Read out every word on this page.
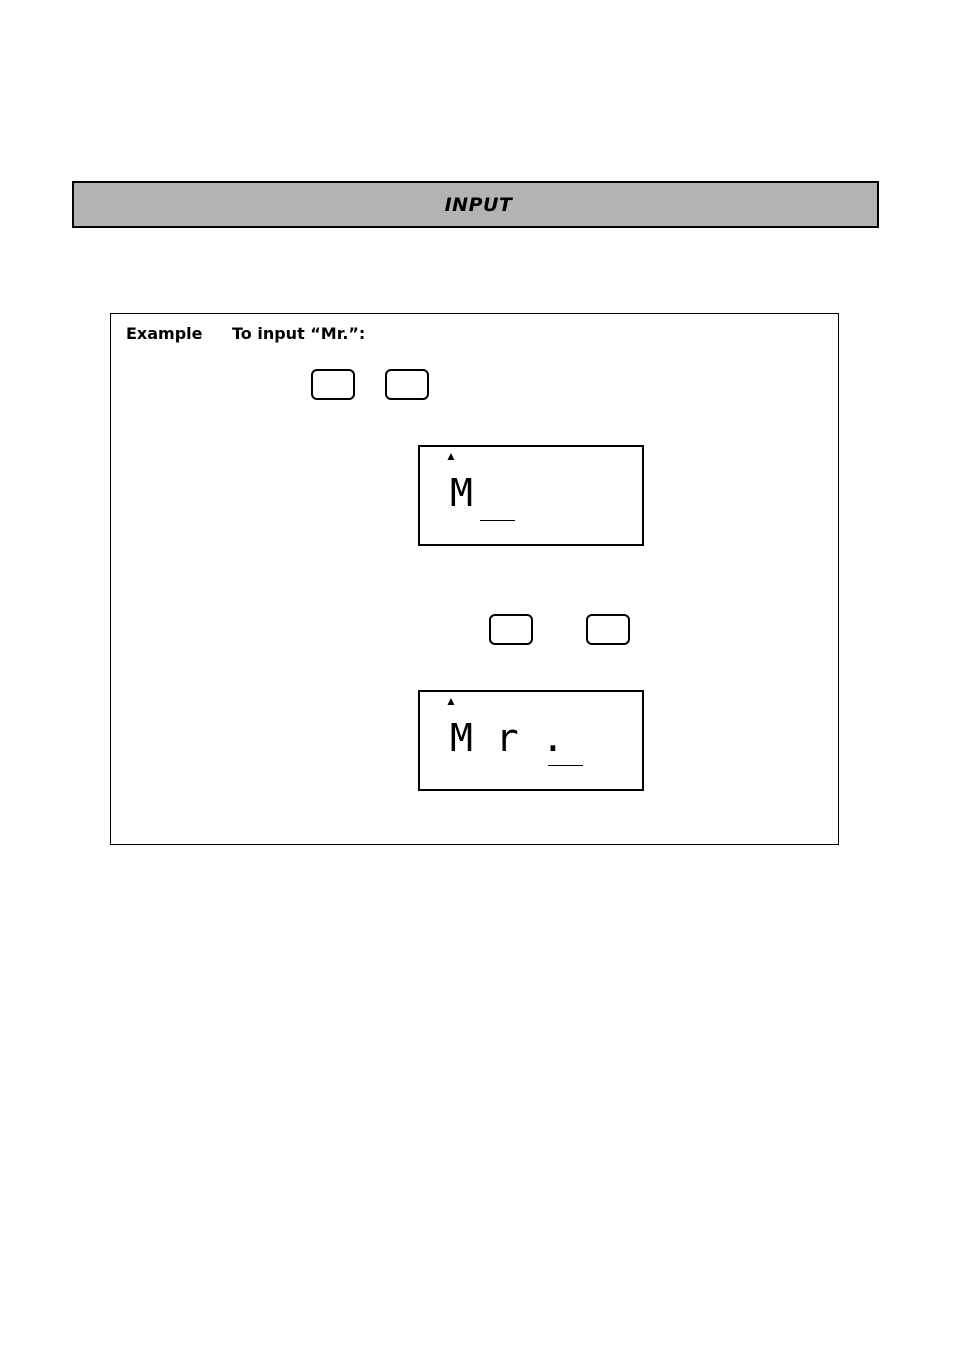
INPUT
Example To input “Mr.”:
▲
M
▲
M r .
